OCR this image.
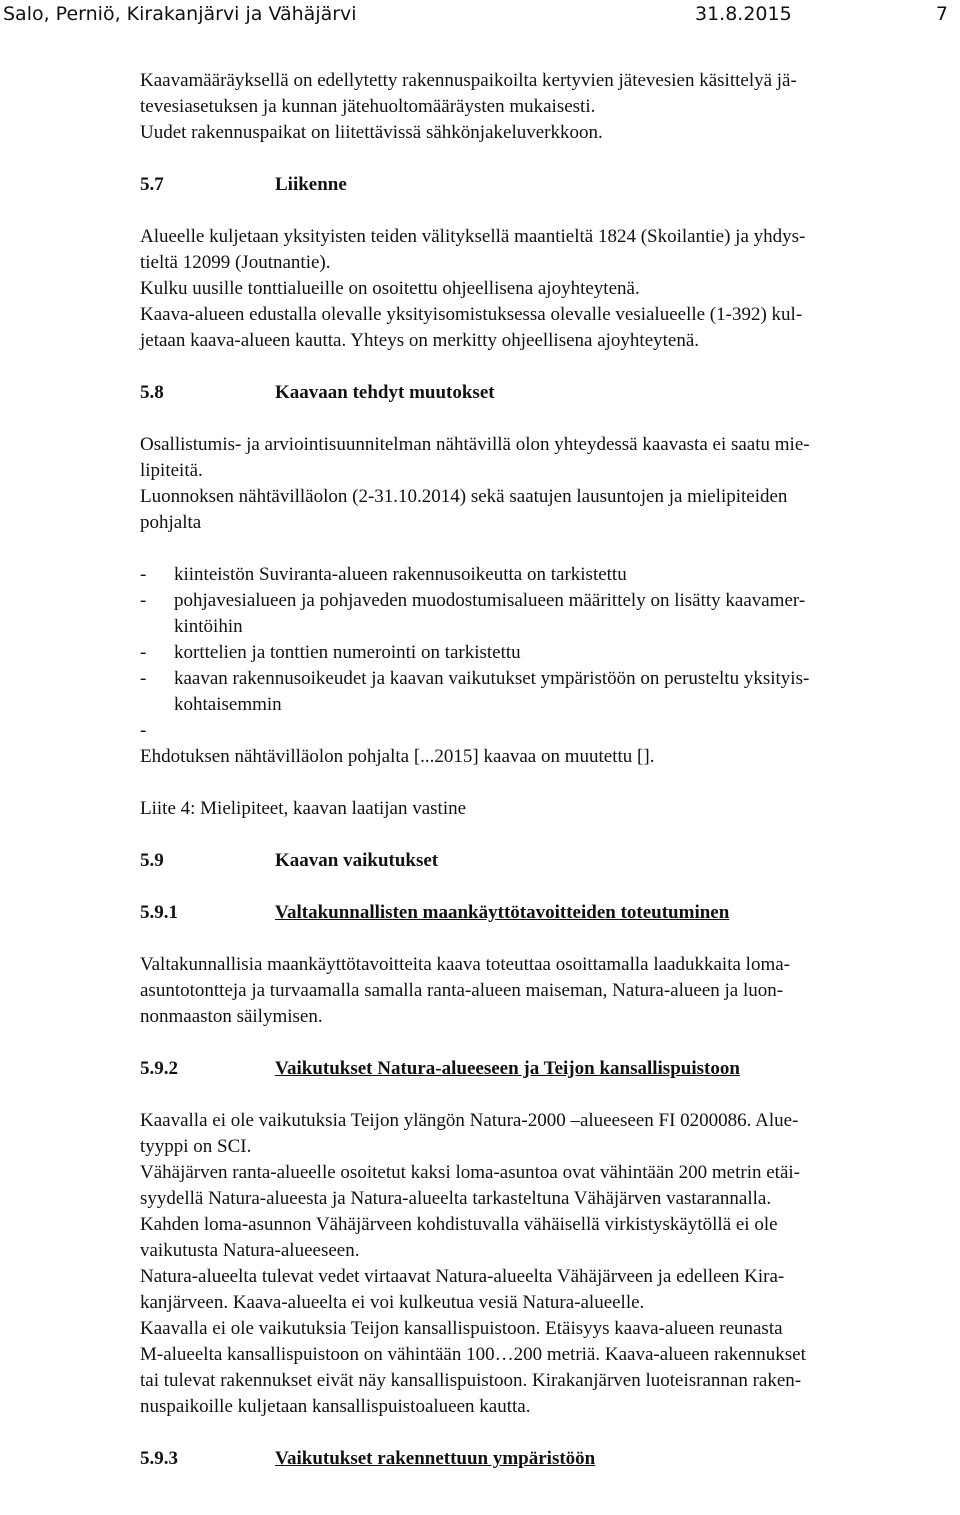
Salo, Perniö, Kirakanjärvi ja Vähäjärvi	31.8.2015	7
Kaavamääräyksellä on edellytetty rakennuspaikoilta kertyvien jätevesien käsittelyä jä-
tevesiasetuksen ja kunnan jätehuoltomääräysten mukaisesti.
Uudet rakennuspaikat on liitettävissä sähkönjakeluverkkoon.
5.7	Liikenne
Alueelle kuljetaan yksityisten teiden välityksellä maantieltä 1824 (Skoilantie) ja yhdys-
tieltä 12099 (Joutnantie).
Kulku uusille tonttialueille on osoitettu ohjeellisena ajoyhteytenä.
Kaava-alueen edustalla olevalle yksityisomistuksessa olevalle vesialueelle (1-392) kul-
jetaan kaava-alueen kautta. Yhteys on merkitty ohjeellisena ajoyhteytenä.
5.8	Kaavaan tehdyt muutokset
Osallistumis- ja arviointisuunnitelman nähtävillä olon yhteydessä kaavasta ei saatu mie-
lipiteitä.
Luonnoksen nähtävilläolon (2-31.10.2014) sekä saatujen lausuntojen ja mielipiteiden
pohjalta
-	kiinteistön Suviranta-alueen rakennusoikeutta on tarkistettu
-	pohjavesialueen ja pohjaveden muodostumisalueen määrittely on lisätty kaavamer-
kintöihin
-	korttelien ja tonttien numerointi on tarkistettu
-	kaavan rakennusoikeudet ja kaavan vaikutukset ympäristöön on perusteltu yksityis-
kohtaisemmin
-
Ehdotuksen nähtävilläolon pohjalta [...2015] kaavaa on muutettu [].
Liite 4: Mielipiteet, kaavan laatijan vastine
5.9	Kaavan vaikutukset
5.9.1	Valtakunnallisten maankäyttötavoitteiden toteutuminen
Valtakunnallisia maankäyttötavoitteita kaava toteuttaa osoittamalla laadukkaita loma-
asuntotontteja ja turvaamalla samalla ranta-alueen maiseman, Natura-alueen ja luon-
nonmaaston säilymisen.
5.9.2	Vaikutukset Natura-alueeseen ja Teijon kansallispuistoon
Kaavalla ei ole vaikutuksia Teijon ylängön Natura-2000 –alueeseen FI 0200086. Alue-
tyyppi on SCI.
Vähäjärven ranta-alueelle osoitetut kaksi loma-asuntoa ovat vähintään 200 metrin etäi-
syydellä Natura-alueesta ja Natura-alueelta tarkasteltuna Vähäjärven vastarannalla.
Kahden loma-asunnon Vähäjärveen kohdistuvalla vähäisellä virkistyskäytöllä ei ole
vaikutusta Natura-alueeseen.
Natura-alueelta tulevat vedet virtaavat Natura-alueelta Vähäjärveen ja edelleen Kira-
kanjärveen. Kaava-alueelta ei voi kulkeutua vesiä Natura-alueelle.
Kaavalla ei ole vaikutuksia Teijon kansallispuistoon. Etäisyys kaava-alueen reunasta
M-alueelta kansallispuistoon on vähintään 100…200 metriä. Kaava-alueen rakennukset
tai tulevat rakennukset eivät näy kansallispuistoon. Kirakanjärven luoteisrannan raken-
nuspaikoille kuljetaan kansallispuistoalueen kautta.
5.9.3	Vaikutukset rakennettuun ympäristöön
